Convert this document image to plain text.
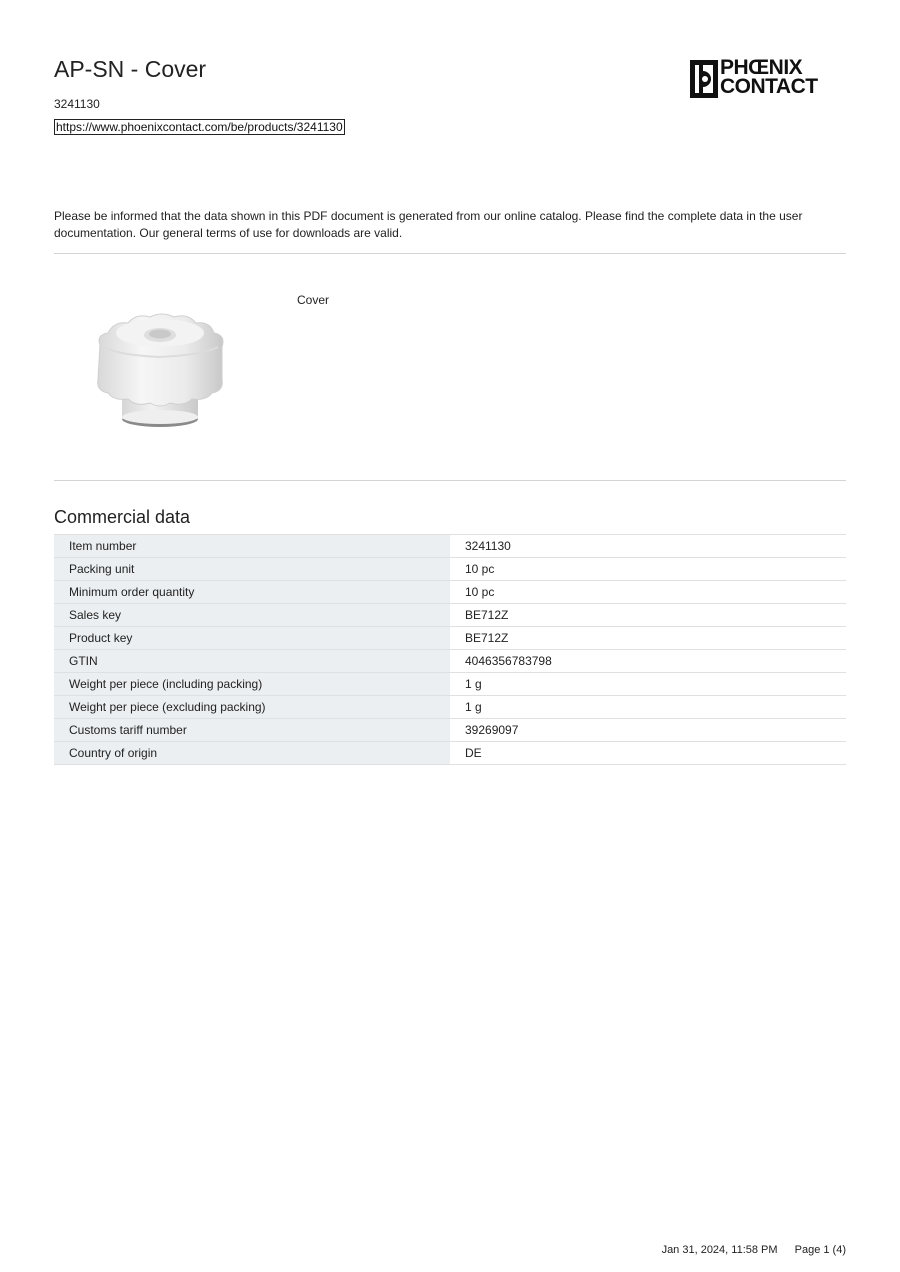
AP-SN - Cover
3241130
https://www.phoenixcontact.com/be/products/3241130
PHŒNIX
CONTACT
Please be informed that the data shown in this PDF document is generated from our online catalog. Please find the complete data in the user documentation. Our general terms of use for downloads are valid.
Cover
Commercial data
Item number	3241130
Packing unit	10 pc
Minimum order quantity	10 pc
Sales key	BE712Z
Product key	BE712Z
GTIN	4046356783798
Weight per piece (including packing)	1 g
Weight per piece (excluding packing)	1 g
Customs tariff number	39269097
Country of origin	DE
Jan 31, 2024, 11:58 PM Page 1 (4)
